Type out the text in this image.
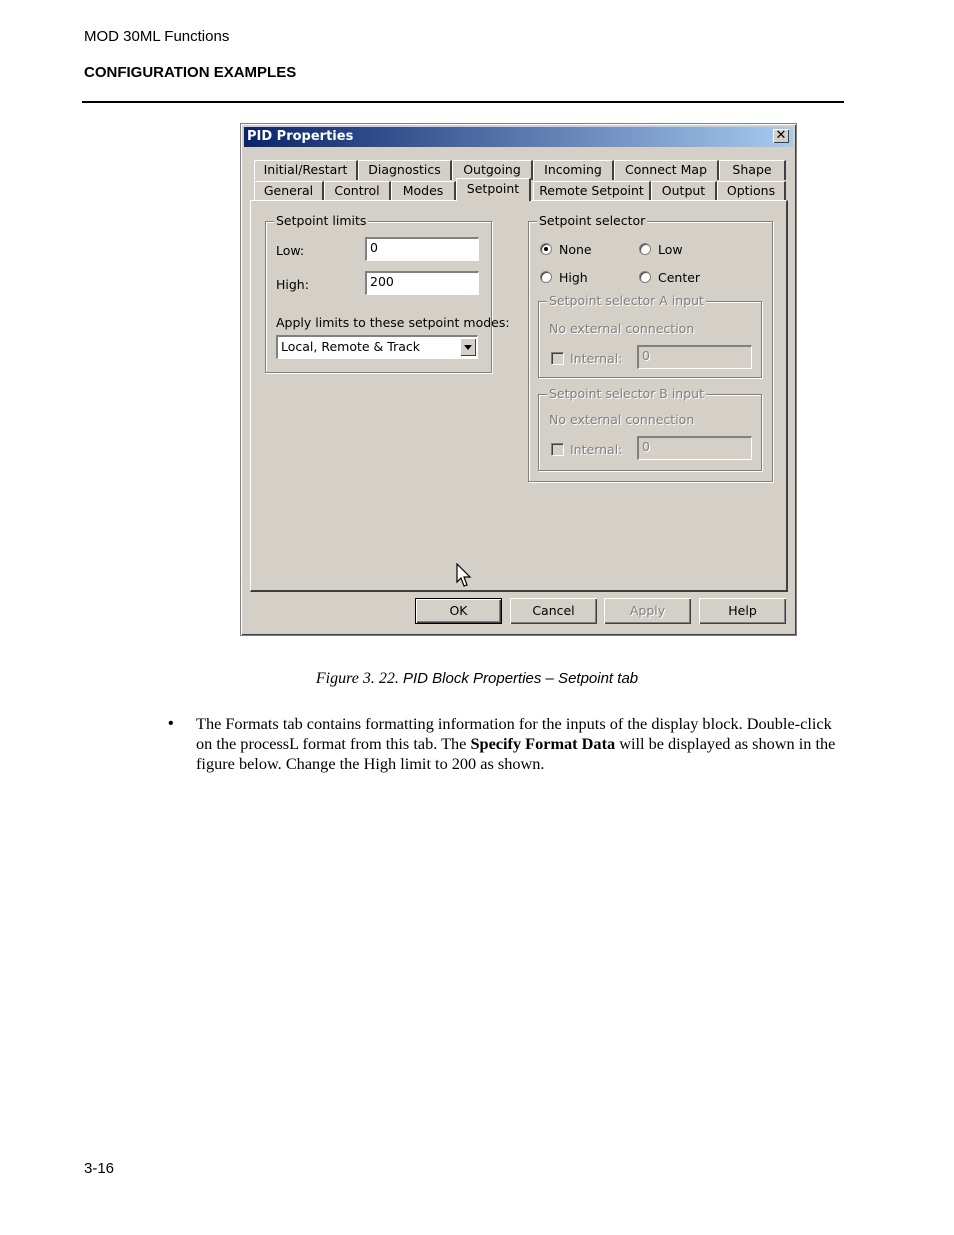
MOD 30ML Functions
CONFIGURATION EXAMPLES
PID Properties	✕
Initial/Restart	Diagnostics	Outgoing	Incoming	Connect Map	Shape
General	Control	Modes	Setpoint	Remote Setpoint	Output	Options
Setpoint limits
Low:	0
High:	200
Apply limits to these setpoint modes:
Local, Remote & Track
Setpoint selector
None	Low
High	Center
Setpoint selector A input
No external connection
Internal:	0
Setpoint selector B input
No external connection
Internal:	0
OK	Cancel	Apply	Help
Figure 3. 22. PID Block Properties – Setpoint tab
• The Formats tab contains formatting information for the inputs of the display block. Double-click on the processL format from this tab. The Specify Format Data will be displayed as shown in the figure below. Change the High limit to 200 as shown.
3-16
